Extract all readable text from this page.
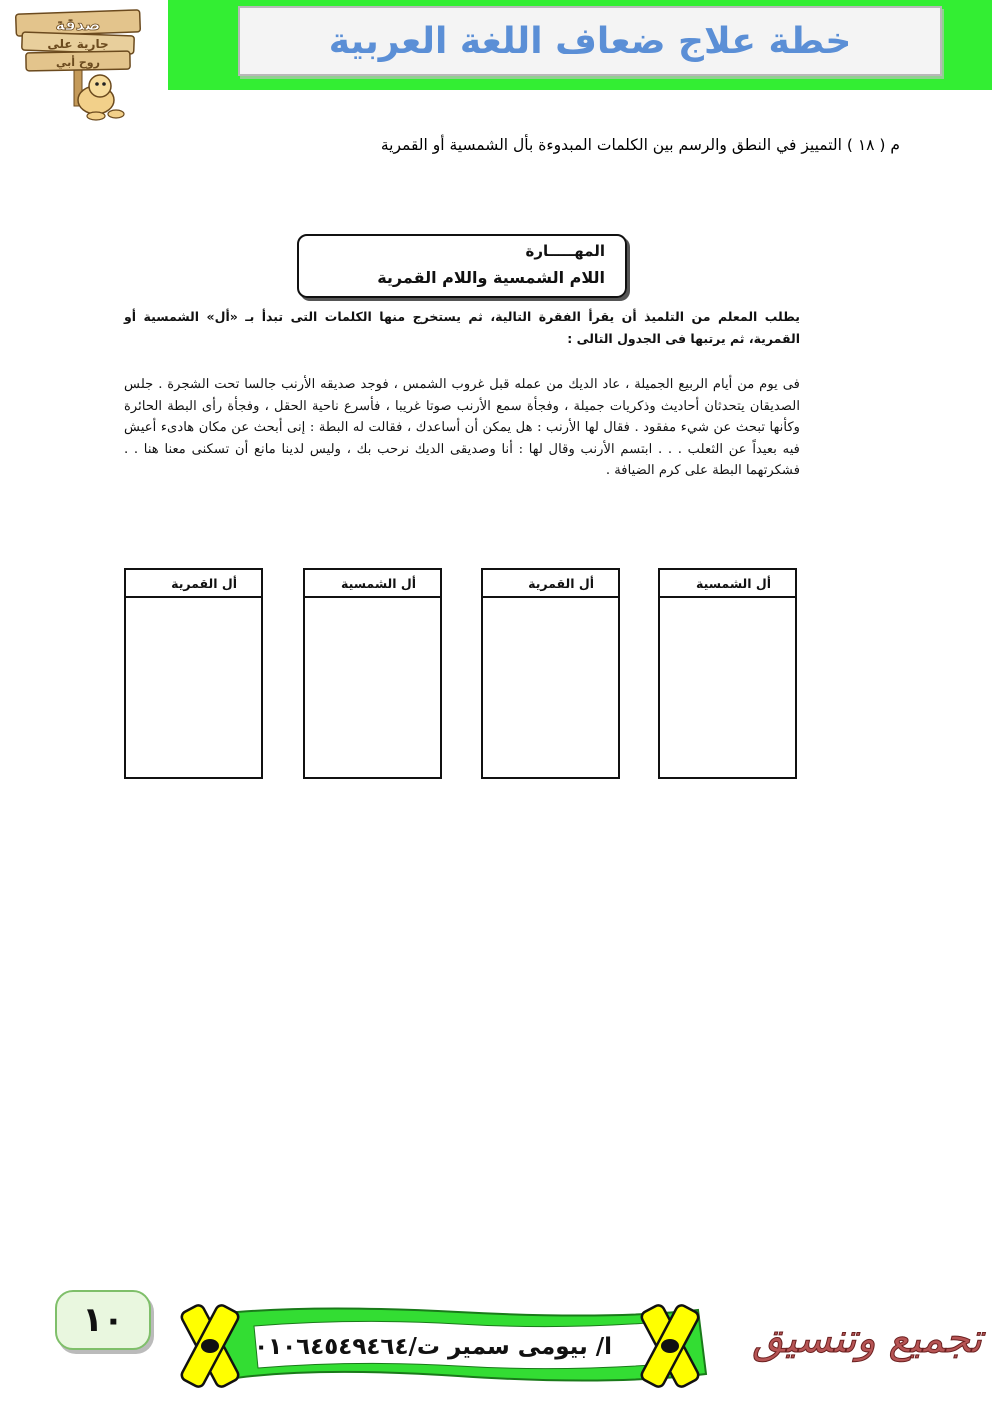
خطة علاج ضعاف اللغة العربية
صدقة
جارية على
روح أبي
م ( ١٨ ) التمييز في النطق والرسم بين الكلمات المبدوءة بأل الشمسية أو القمرية
المهـــــارة
اللام الشمسية واللام القمرية
يطلب المعلم من التلميذ أن يقرأ الفقرة التالية، ثم يستخرج منها الكلمات التى تبدأ بـ «أل» الشمسية أو القمرية، ثم يرتبها فى الجدول التالى :
فى يوم من أيام الربيع الجميلة ، عاد الديك من عمله قبل غروب الشمس ، فوجد صديقه الأرنب جالسا تحت الشجرة . جلس الصديقان يتحدثان أحاديث وذكريات جميلة ، وفجأة سمع الأرنب صوتا غريبا ، فأسرع ناحية الحقل ، وفجأة رأى البطة الحائرة وكأنها تبحث عن شيء مفقود . فقال لها الأرنب : هل يمكن أن أساعدك ، فقالت له البطة : إنى أبحث عن مكان هادىء أعيش فيه بعيداً عن الثعلب . . . ابتسم الأرنب وقال لها : أنا وصديقى الديك نرحب بك ، وليس لدينا مانع أن تسكنى معنا هنا . . فشكرتهما البطة على كرم الضيافة .
أل الشمسية
أل القمرية
أل الشمسية
أل القمرية
١٠
ا/ بيومى سمير ت/٠١٠٦٤٥٤٩٤٦٤	تجميع وتنسيق
